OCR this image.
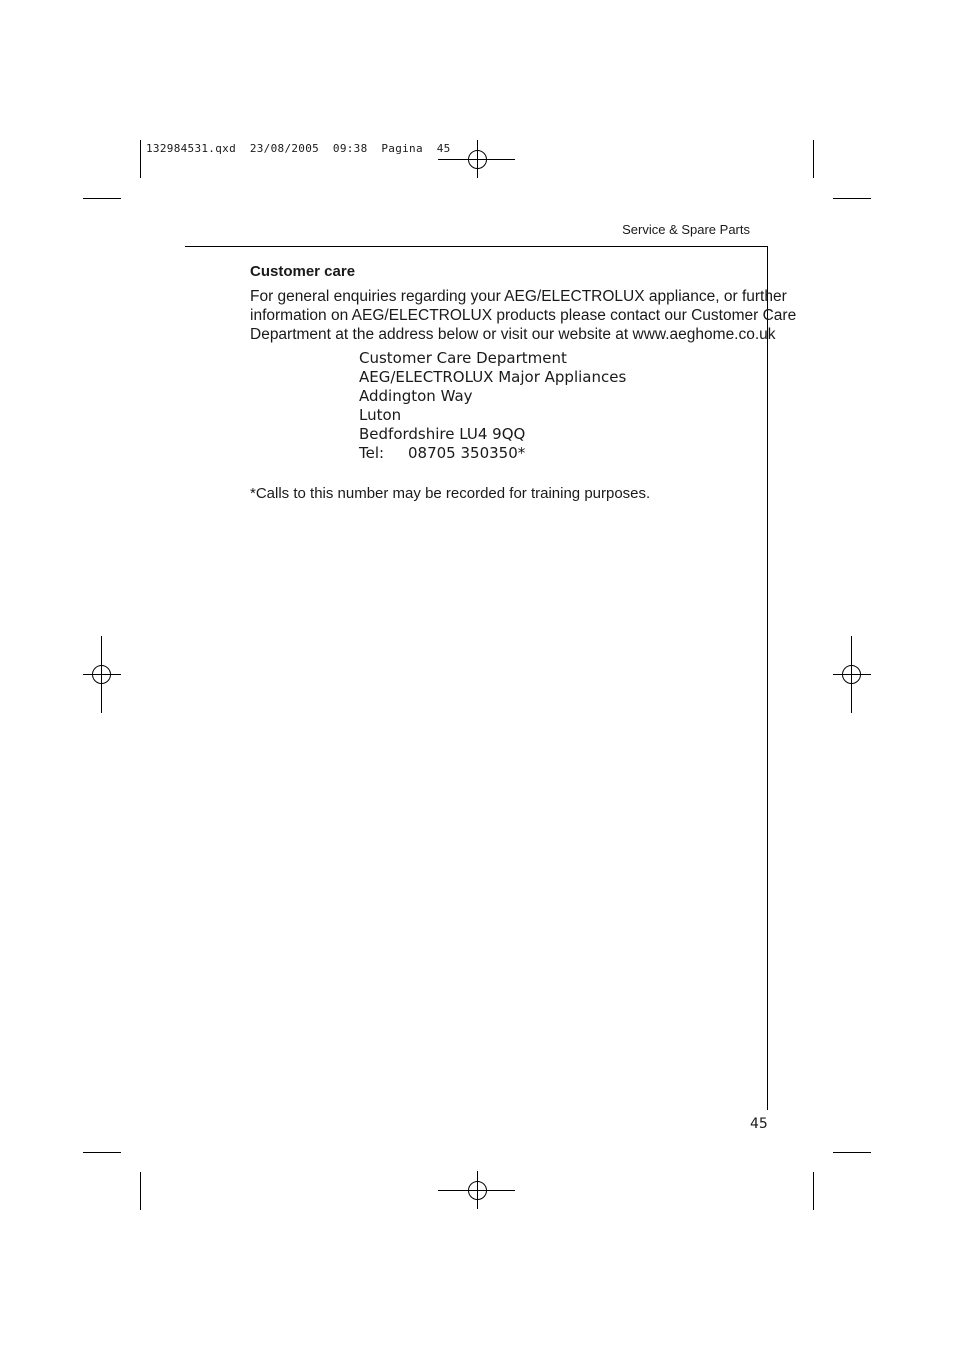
132984531.qxd  23/08/2005  09:38  Pagina  45
Service & Spare Parts
Customer care
For general enquiries regarding your AEG/ELECTROLUX appliance, or further
information on AEG/ELECTROLUX products please contact our Customer Care
Department at the address below or visit our website at www.aeghome.co.uk
Customer Care Department
AEG/ELECTROLUX Major Appliances
Addington Way
Luton
Bedfordshire LU4 9QQ
Tel: 08705 350350*
*Calls to this number may be recorded for training purposes.
45
